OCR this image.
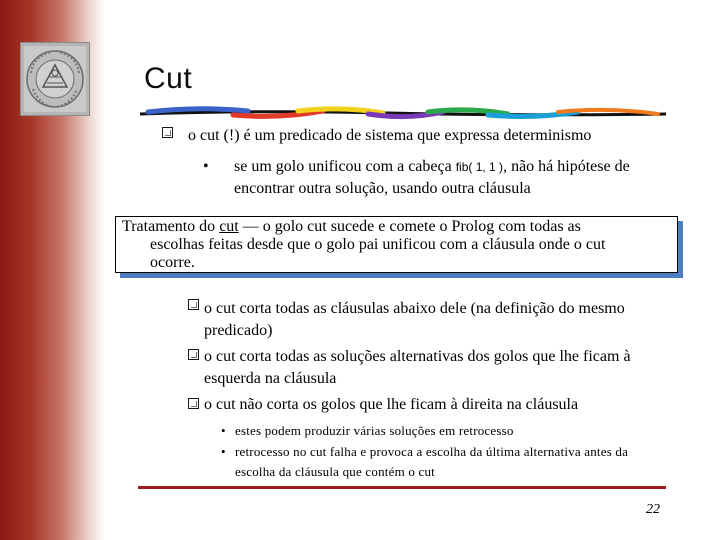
Cut
o cut (!) é um predicado de sistema que expressa determinismo
• se um golo unificou com a cabeça fib( 1, 1 ), não há hipótese de encontrar outra solução, usando outra cláusula
Tratamento do cut — o golo cut sucede e comete o Prolog com todas as
escolhas feitas desde que o golo pai unificou com a cláusula onde o cut
ocorre.
o cut corta todas as cláusulas abaixo dele (na definição do mesmo predicado)
o cut corta todas as soluções alternativas dos golos que lhe ficam à esquerda na cláusula
o cut não corta os golos que lhe ficam à direita na cláusula
• estes podem produzir várias soluções em retrocesso
• retrocesso no cut falha e provoca a escolha da última alternativa antes da escolha da cláusula que contém o cut
22
